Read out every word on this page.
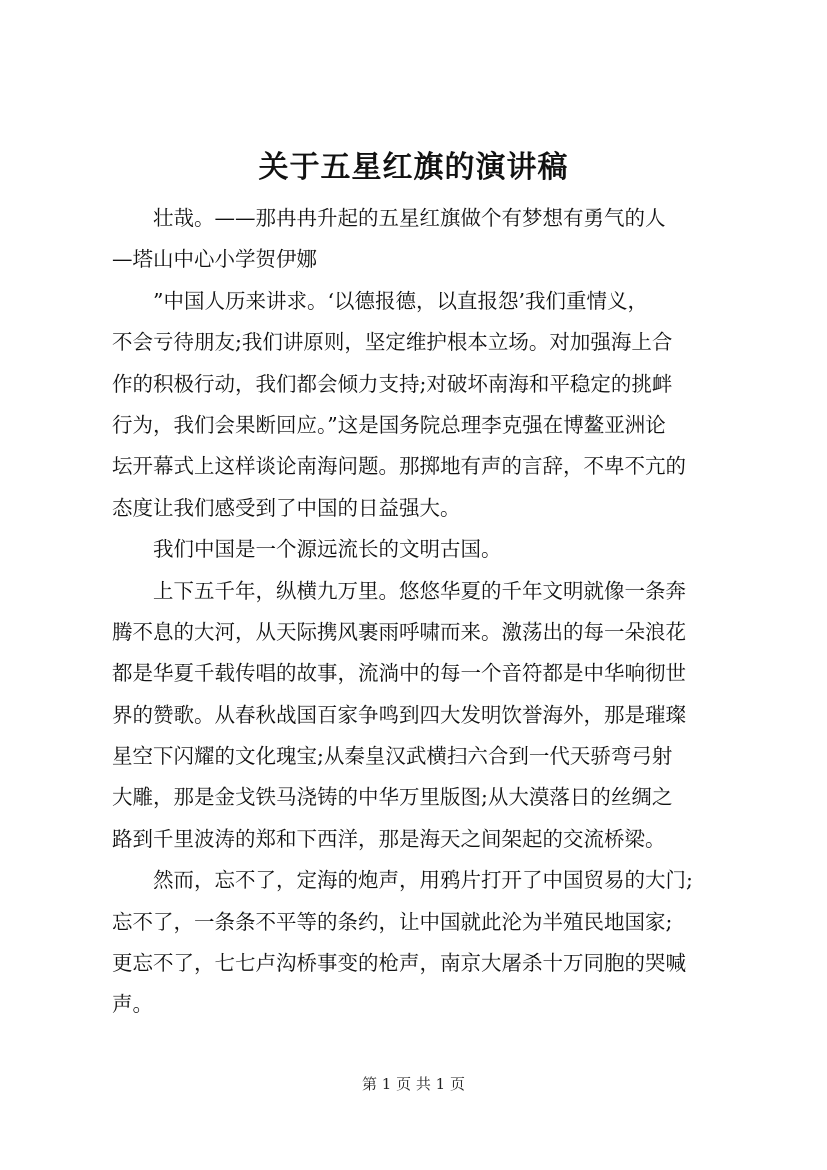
关于五星红旗的演讲稿
壮哉。——那冉冉升起的五星红旗做个有梦想有勇气的人
—塔山中心小学贺伊娜
”中国人历来讲求。‘以德报德，以直报怨’我们重情义，
不会亏待朋友;我们讲原则，坚定维护根本立场。对加强海上合
作的积极行动，我们都会倾力支持;对破坏南海和平稳定的挑衅
行为，我们会果断回应。”这是国务院总理李克强在博鳌亚洲论
坛开幕式上这样谈论南海问题。那掷地有声的言辞，不卑不亢的
态度让我们感受到了中国的日益强大。
我们中国是一个源远流长的文明古国。
上下五千年，纵横九万里。悠悠华夏的千年文明就像一条奔
腾不息的大河，从天际携风裹雨呼啸而来。激荡出的每一朵浪花
都是华夏千载传唱的故事，流淌中的每一个音符都是中华响彻世
界的赞歌。从春秋战国百家争鸣到四大发明饮誉海外，那是璀璨
星空下闪耀的文化瑰宝;从秦皇汉武横扫六合到一代天骄弯弓射
大雕，那是金戈铁马浇铸的中华万里版图;从大漠落日的丝绸之
路到千里波涛的郑和下西洋，那是海天之间架起的交流桥梁。
然而，忘不了，定海的炮声，用鸦片打开了中国贸易的大门;
忘不了，一条条不平等的条约，让中国就此沦为半殖民地国家;
更忘不了，七七卢沟桥事变的枪声，南京大屠杀十万同胞的哭喊
声。
第 1 页 共 1 页
